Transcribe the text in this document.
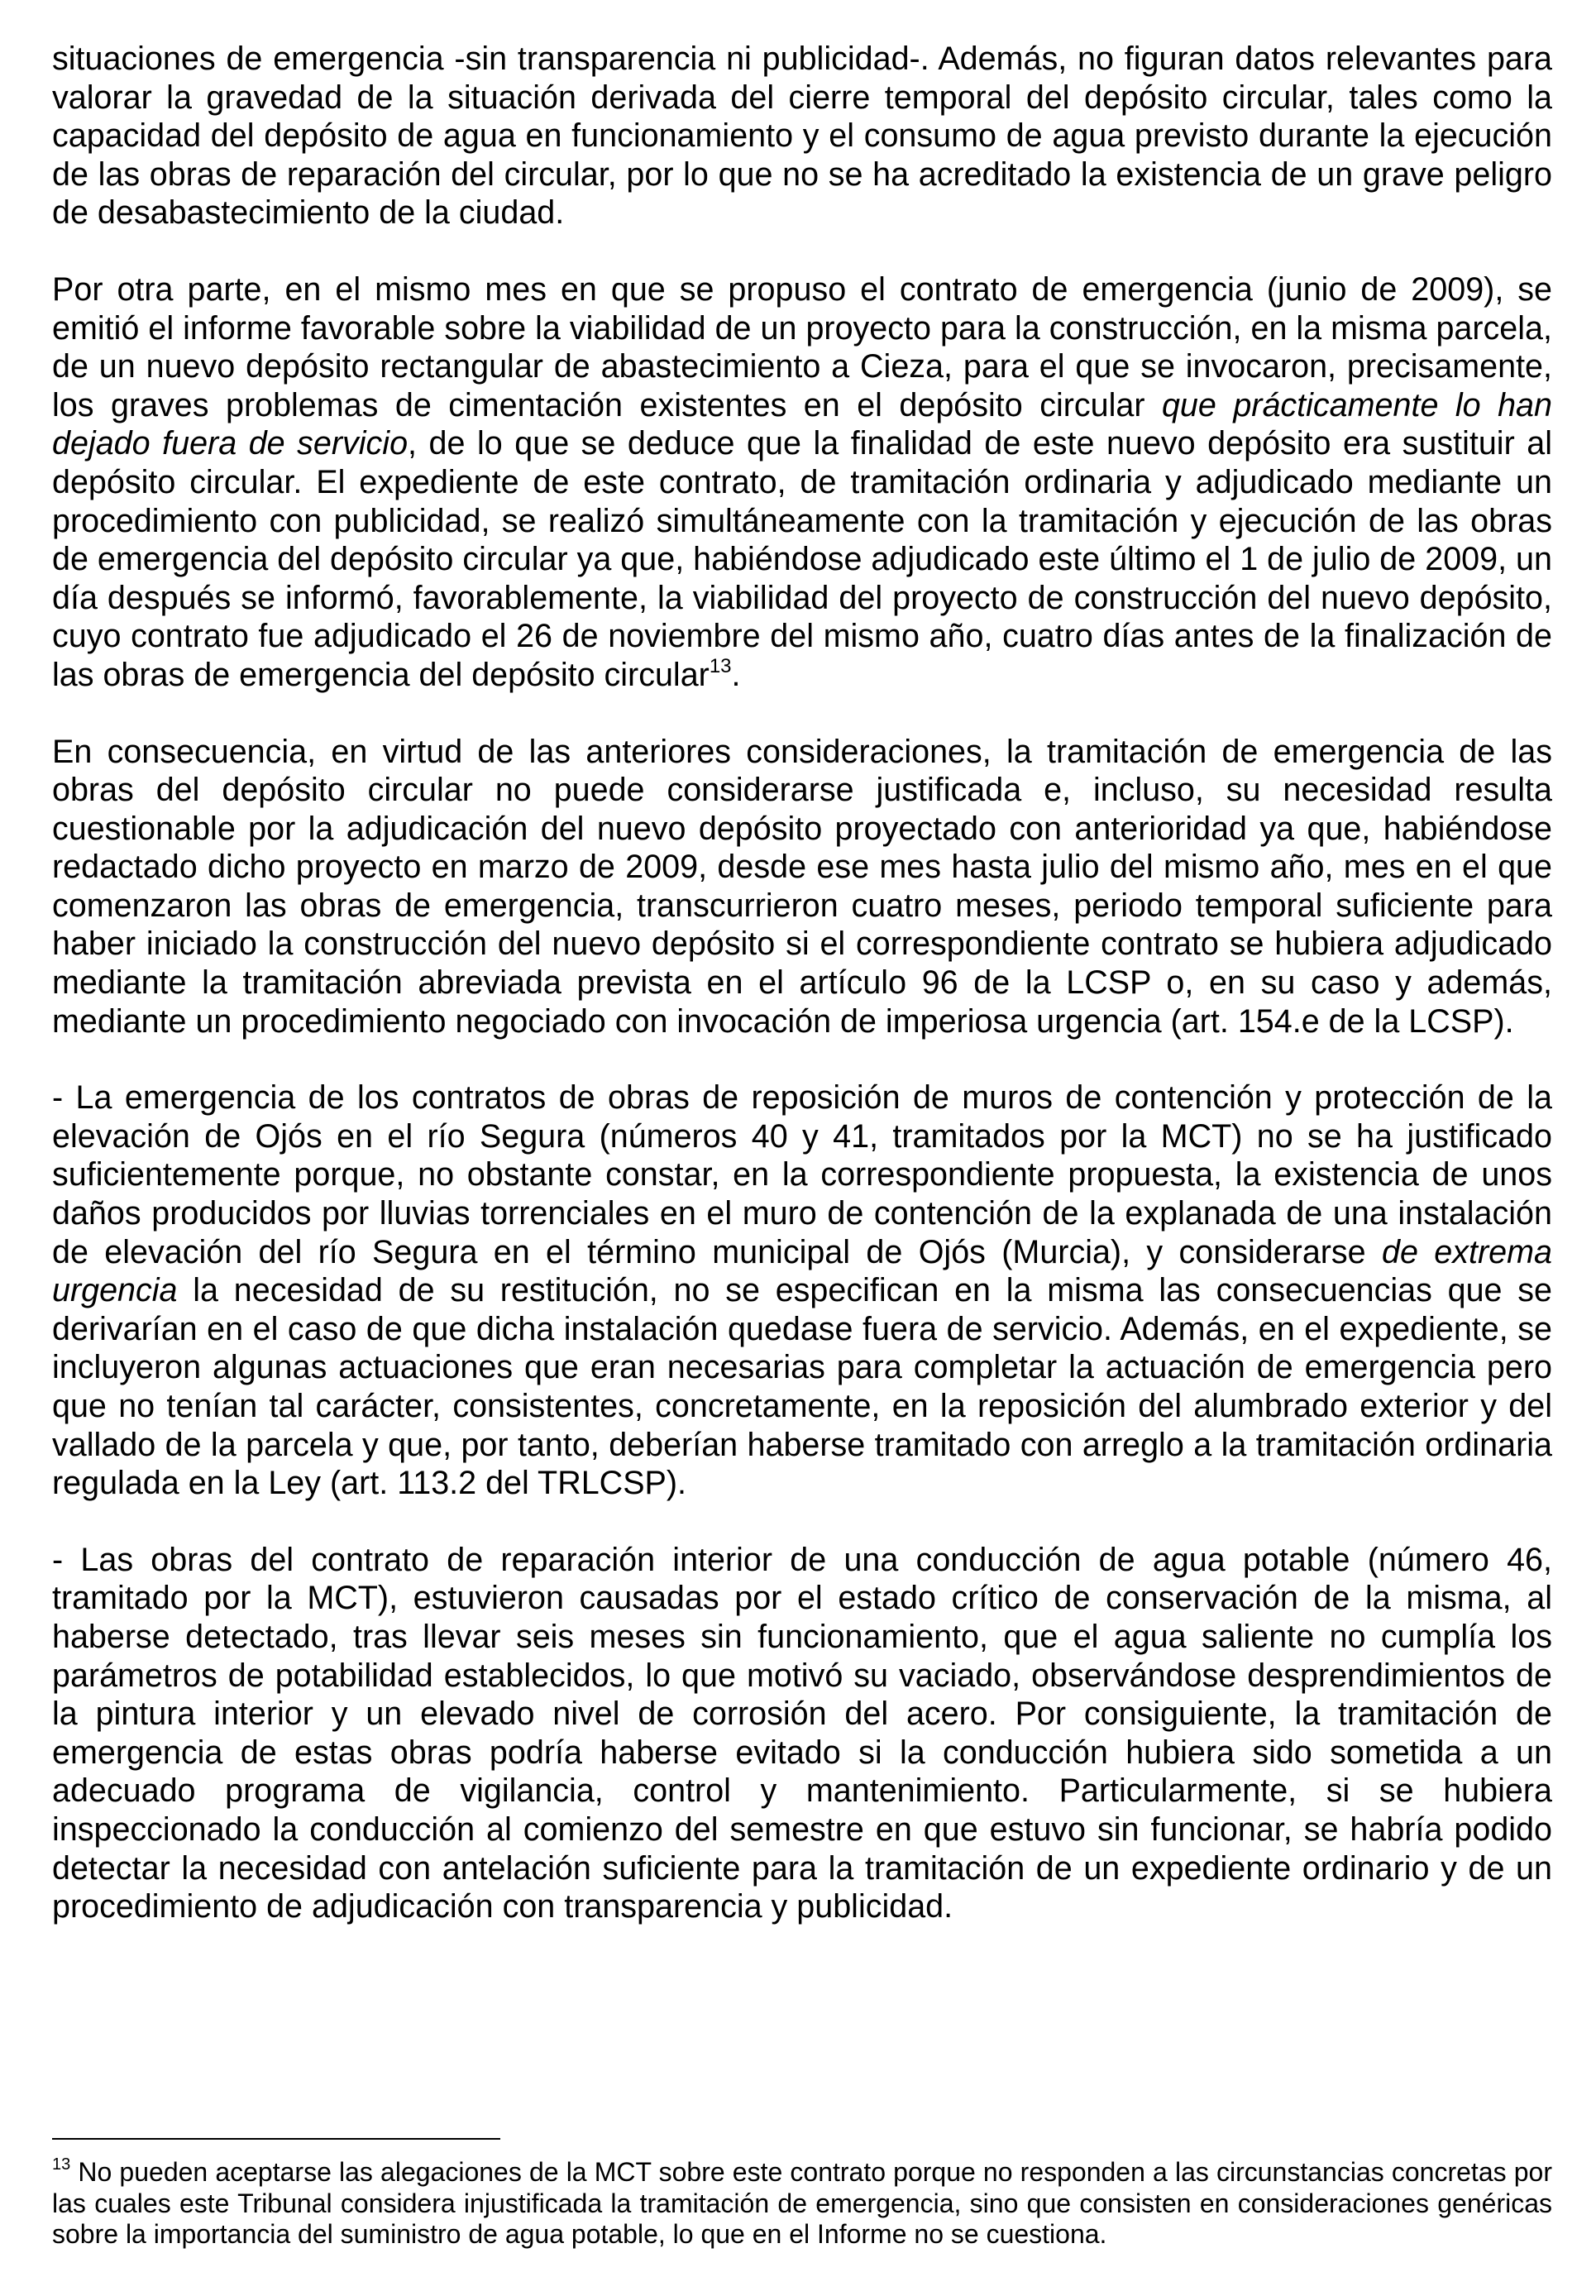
situaciones de emergencia -sin transparencia ni publicidad-. Además, no figuran datos relevantes para valorar la gravedad de la situación derivada del cierre temporal del depósito circular, tales como la capacidad del depósito de agua en funcionamiento y el consumo de agua previsto durante la ejecución de las obras de reparación del circular, por lo que no se ha acreditado la existencia de un grave peligro de desabastecimiento de la ciudad.

Por otra parte, en el mismo mes en que se propuso el contrato de emergencia (junio de 2009), se emitió el informe favorable sobre la viabilidad de un proyecto para la construcción, en la misma parcela, de un nuevo depósito rectangular de abastecimiento a Cieza, para el que se invocaron, precisamente, los graves problemas de cimentación existentes en el depósito circular que prácticamente lo han dejado fuera de servicio, de lo que se deduce que la finalidad de este nuevo depósito era sustituir al depósito circular. El expediente de este contrato, de tramitación ordinaria y adjudicado mediante un procedimiento con publicidad, se realizó simultáneamente con la tramitación y ejecución de las obras de emergencia del depósito circular ya que, habiéndose adjudicado este último el 1 de julio de 2009, un día después se informó, favorablemente, la viabilidad del proyecto de construcción del nuevo depósito, cuyo contrato fue adjudicado el 26 de noviembre del mismo año, cuatro días antes de la finalización de las obras de emergencia del depósito circular$^{13}$.

En consecuencia, en virtud de las anteriores consideraciones, la tramitación de emergencia de las obras del depósito circular no puede considerarse justificada e, incluso, su necesidad resulta cuestionable por la adjudicación del nuevo depósito proyectado con anterioridad ya que, habiéndose redactado dicho proyecto en marzo de 2009, desde ese mes hasta julio del mismo año, mes en el que comenzaron las obras de emergencia, transcurrieron cuatro meses, periodo temporal suficiente para haber iniciado la construcción del nuevo depósito si el correspondiente contrato se hubiera adjudicado mediante la tramitación abreviada prevista en el artículo 96 de la LCSP o, en su caso y además, mediante un procedimiento negociado con invocación de imperiosa urgencia (art. 154.e de la LCSP).

- La emergencia de los contratos de obras de reposición de muros de contención y protección de la elevación de Ojós en el río Segura (números 40 y 41, tramitados por la MCT) no se ha justificado suficientemente porque, no obstante constar, en la correspondiente propuesta, la existencia de unos daños producidos por lluvias torrenciales en el muro de contención de la explanada de una instalación de elevación del río Segura en el término municipal de Ojós (Murcia), y considerarse de extrema urgencia la necesidad de su restitución, no se especifican en la misma las consecuencias que se derivarían en el caso de que dicha instalación quedase fuera de servicio. Además, en el expediente, se incluyeron algunas actuaciones que eran necesarias para completar la actuación de emergencia pero que no tenían tal carácter, consistentes, concretamente, en la reposición del alumbrado exterior y del vallado de la parcela y que, por tanto, deberían haberse tramitado con arreglo a la tramitación ordinaria regulada en la Ley (art. 113.2 del TRLCSP).

- Las obras del contrato de reparación interior de una conducción de agua potable (número 46, tramitado por la MCT), estuvieron causadas por el estado crítico de conservación de la misma, al haberse detectado, tras llevar seis meses sin funcionamiento, que el agua saliente no cumplía los parámetros de potabilidad establecidos, lo que motivó su vaciado, observándose desprendimientos de la pintura interior y un elevado nivel de corrosión del acero. Por consiguiente, la tramitación de emergencia de estas obras podría haberse evitado si la conducción hubiera sido sometida a un adecuado programa de vigilancia, control y mantenimiento. Particularmente, si se hubiera inspeccionado la conducción al comienzo del semestre en que estuvo sin funcionar, se habría podido detectar la necesidad con antelación suficiente para la tramitación de un expediente ordinario y de un procedimiento de adjudicación con transparencia y publicidad.

$^{13}$ No pueden aceptarse las alegaciones de la MCT sobre este contrato porque no responden a las circunstancias concretas por las cuales este Tribunal considera injustificada la tramitación de emergencia, sino que consisten en consideraciones genéricas sobre la importancia del suministro de agua potable, lo que en el Informe no se cuestiona.
